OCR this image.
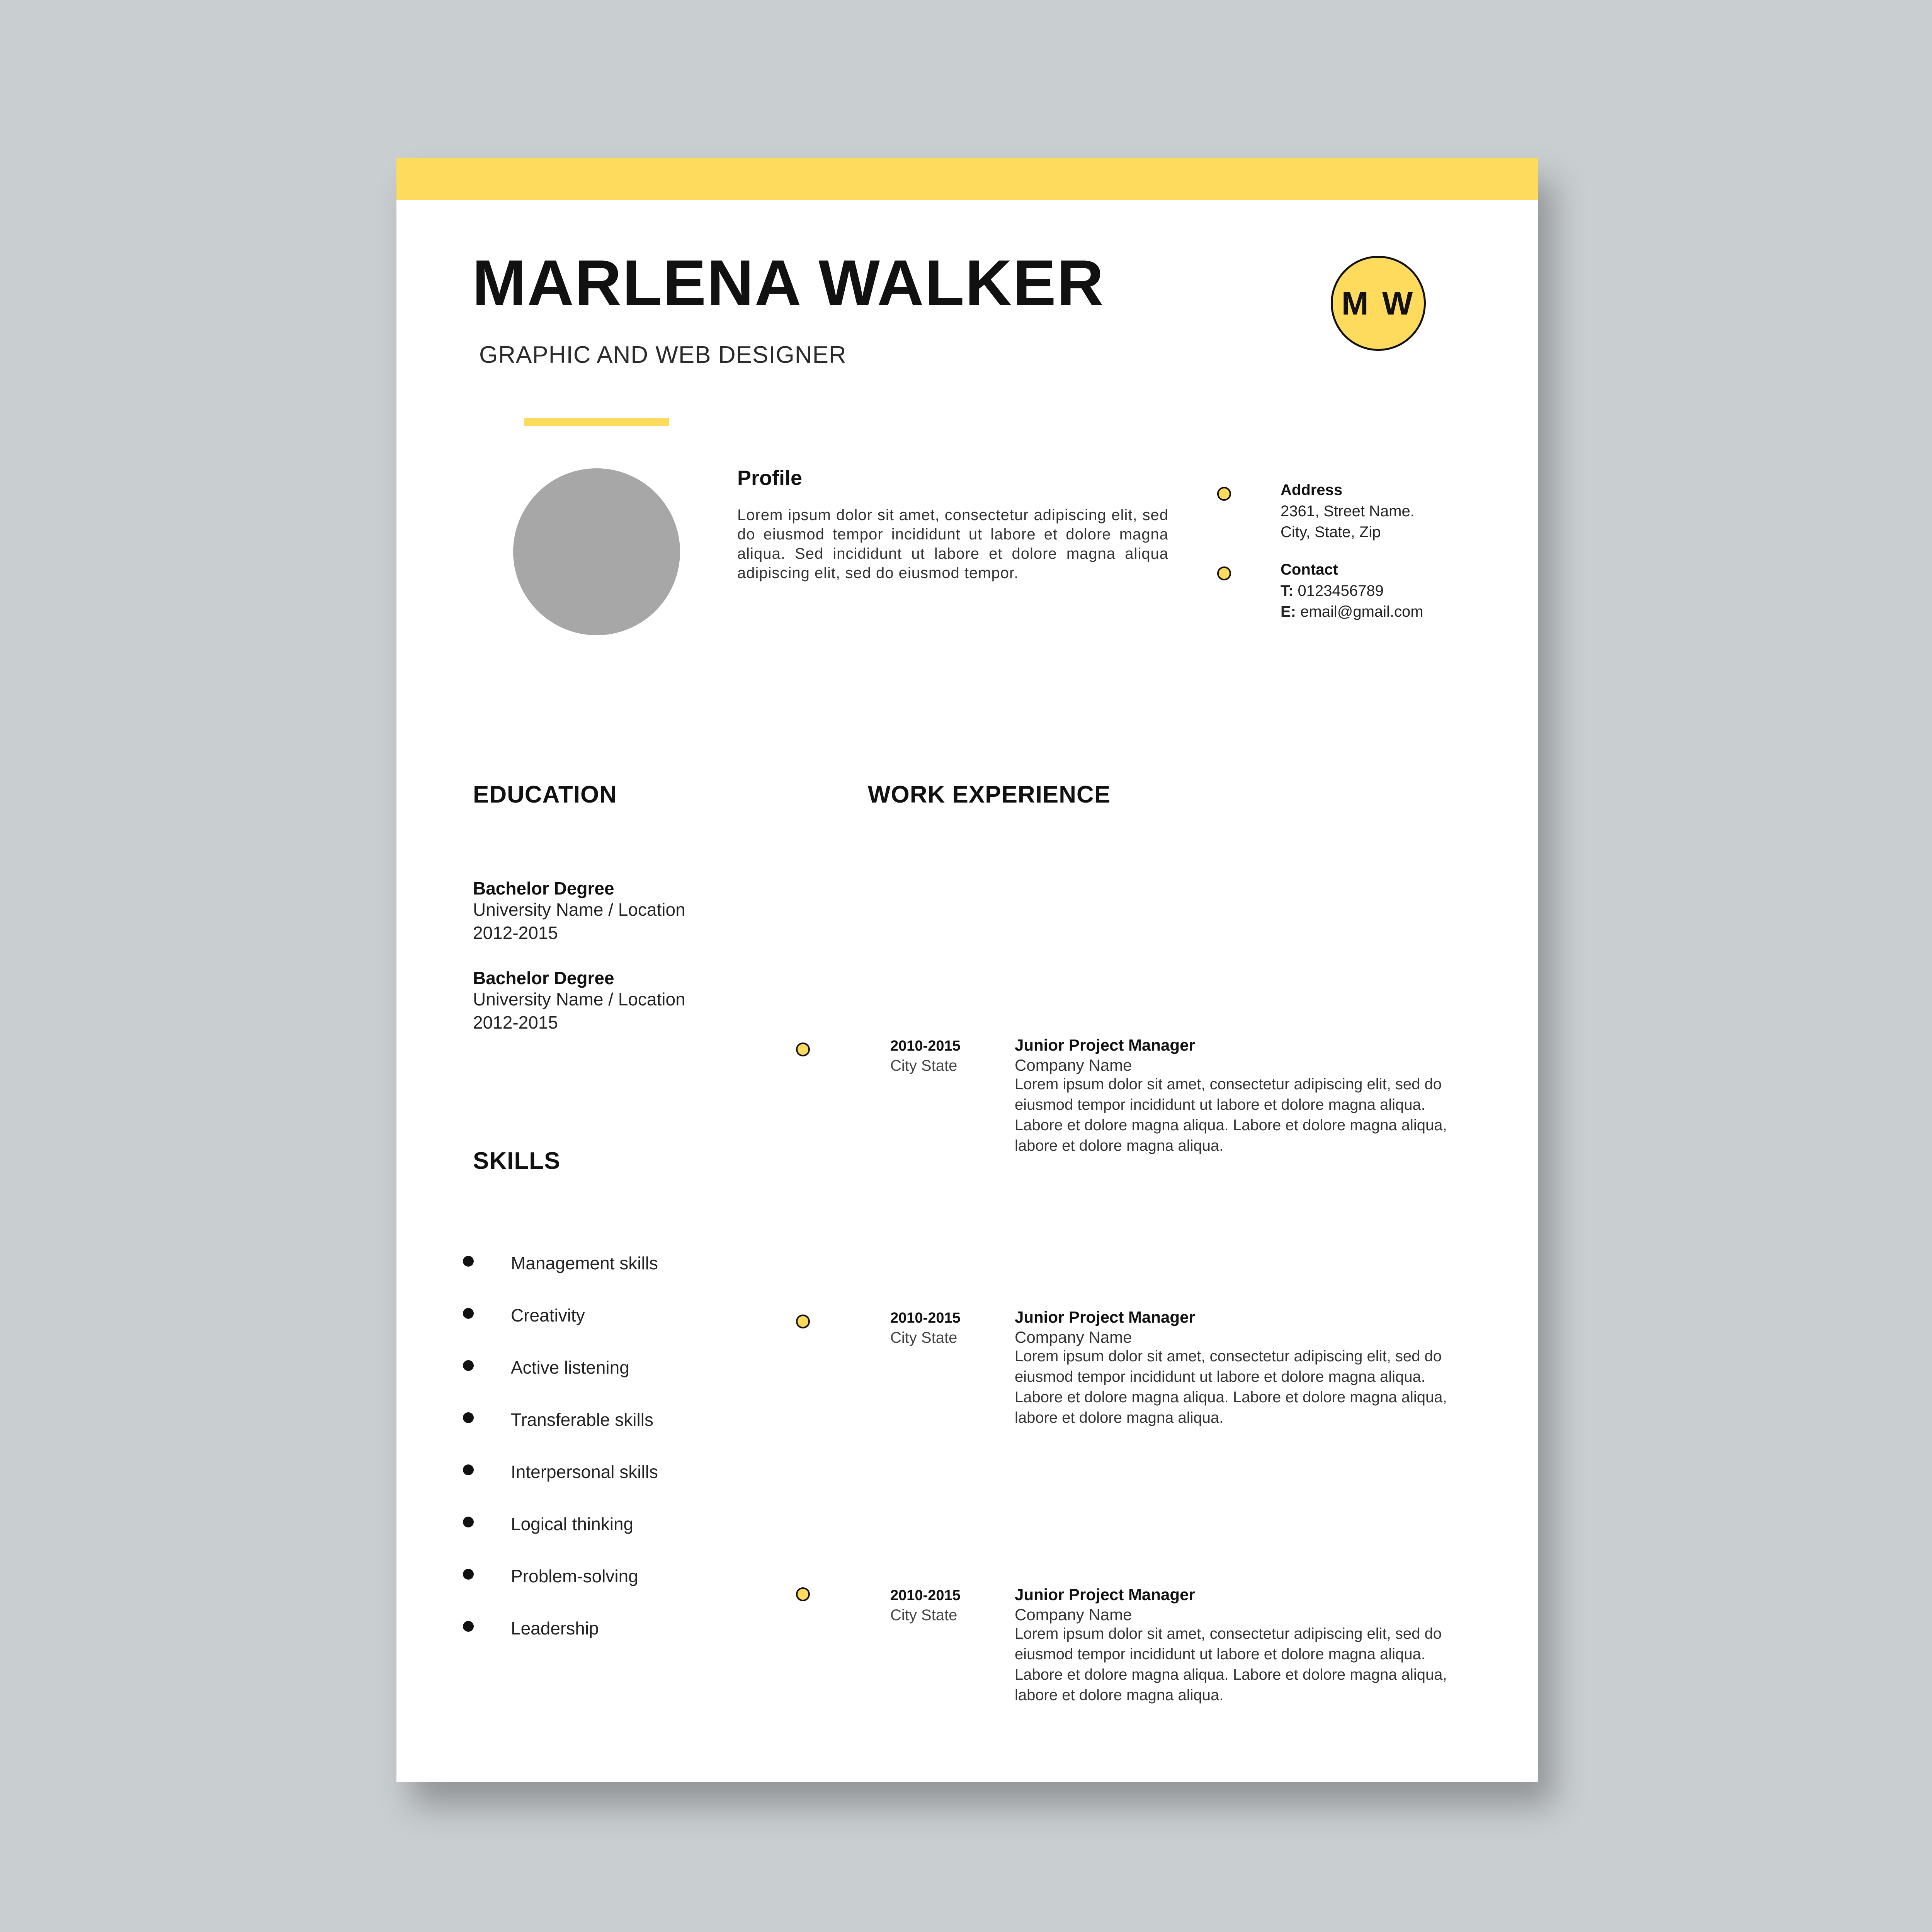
MARLENA WALKER
GRAPHIC AND WEB DESIGNER
M W
Profile
Lorem ipsum dolor sit amet, consectetur adipiscing elit, sed do eiusmod tempor incididunt ut labore et dolore magna aliqua. Sed incididunt ut labore et dolore magna aliqua adipiscing elit, sed do eiusmod tempor.
Address
2361, Street Name.
City, State, Zip
Contact
T: 0123456789
E: email@gmail.com
EDUCATION
Bachelor Degree
University Name / Location
2012-2015
Bachelor Degree
University Name / Location
2012-2015
SKILLS
Management skills
Creativity
Active listening
Transferable skills
Interpersonal skills
Logical thinking
Problem-solving
Leadership
WORK EXPERIENCE
2010-2015
City State
Junior Project Manager
Company Name
Lorem ipsum dolor sit amet, consectetur adipiscing elit, sed do eiusmod tempor incididunt ut labore et dolore magna aliqua. Labore et dolore magna aliqua. Labore et dolore magna aliqua, labore et dolore magna aliqua.
2010-2015
City State
Junior Project Manager
Company Name
Lorem ipsum dolor sit amet, consectetur adipiscing elit, sed do eiusmod tempor incididunt ut labore et dolore magna aliqua. Labore et dolore magna aliqua. Labore et dolore magna aliqua, labore et dolore magna aliqua.
2010-2015
City State
Junior Project Manager
Company Name
Lorem ipsum dolor sit amet, consectetur adipiscing elit, sed do eiusmod tempor incididunt ut labore et dolore magna aliqua. Labore et dolore magna aliqua. Labore et dolore magna aliqua, labore et dolore magna aliqua.
